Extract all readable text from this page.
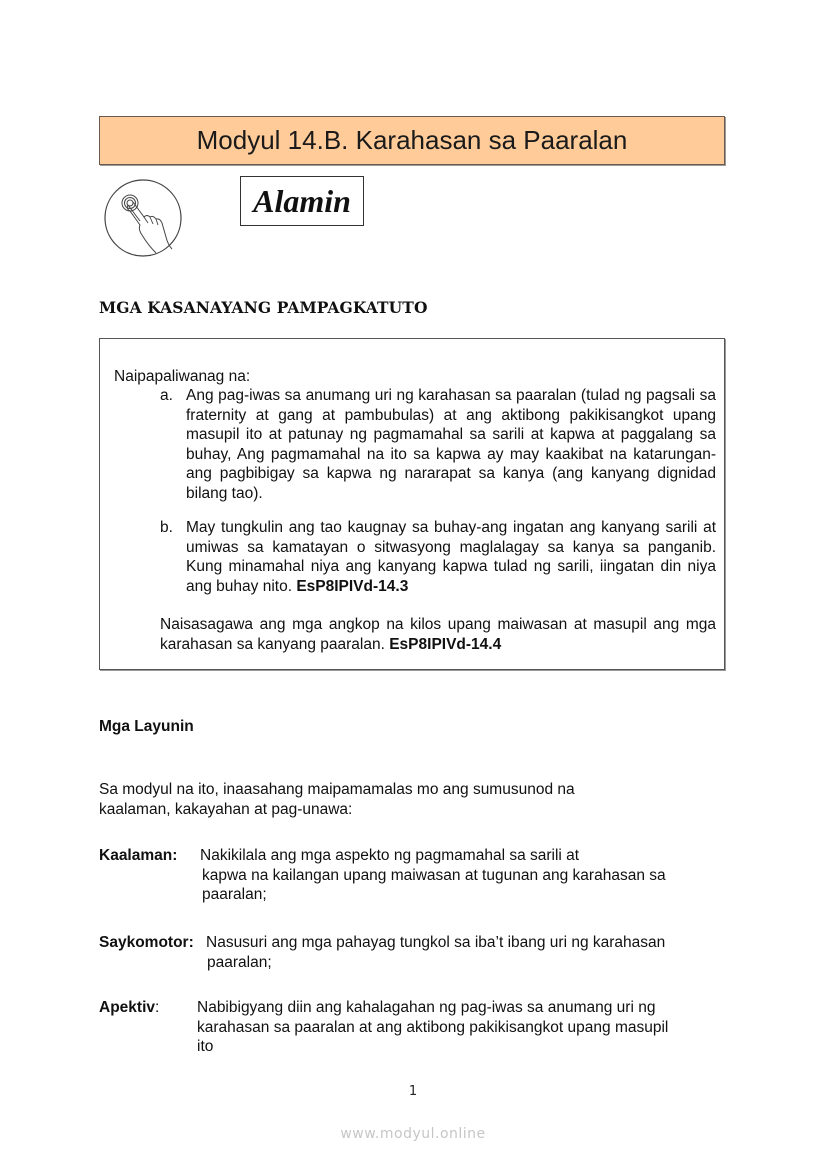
Modyul 14.B. Karahasan sa Paaralan
Alamin
MGA KASANAYANG PAMPAGKATUTO
Naipapaliwanag na:
a. Ang pag-iwas sa anumang uri ng karahasan sa paaralan (tulad ng pagsali sa fraternity at gang at pambubulas) at ang aktibong pakikisangkot upang masupil ito at patunay ng pagmamahal sa sarili at kapwa at paggalang sa buhay, Ang pagmamahal na ito sa kapwa ay may kaakibat na katarungan-ang pagbibigay sa kapwa ng nararapat sa kanya (ang kanyang dignidad bilang tao).
b. May tungkulin ang tao kaugnay sa buhay-ang ingatan ang kanyang sarili at umiwas sa kamatayan o sitwasyong maglalagay sa kanya sa panganib. Kung minamahal niya ang kanyang kapwa tulad ng sarili, iingatan din niya ang buhay nito. EsP8IPIVd-14.3
Naisasagawa ang mga angkop na kilos upang maiwasan at masupil ang mga karahasan sa kanyang paaralan. EsP8IPIVd-14.4
Mga Layunin
Sa modyul na ito, inaasahang maipamamalas mo ang sumusunod na
kaalaman, kakayahan at pag-unawa:
Kaalaman: Nakikilala ang mga aspekto ng pagmamahal sa sarili at
kapwa na kailangan upang maiwasan at tugunan ang karahasan sa
paaralan;
Saykomotor: Nasusuri ang mga pahayag tungkol sa iba’t ibang uri ng karahasan
paaralan;
Apektiv: Nabibigyang diin ang kahalagahan ng pag-iwas sa anumang uri ng
karahasan sa paaralan at ang aktibong pakikisangkot upang masupil
ito
1
www.modyul.online
